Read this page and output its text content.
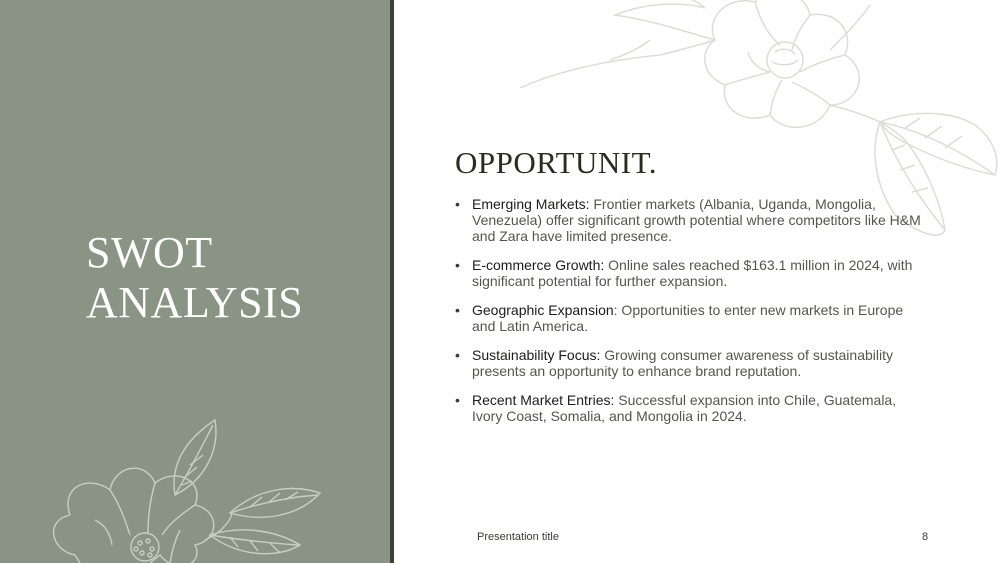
SWOT
ANALYSIS
OPPORTUNIT.
• Emerging Markets: Frontier markets (Albania, Uganda, Mongolia, Venezuela) offer significant growth potential where competitors like H&M and Zara have limited presence.
• E-commerce Growth: Online sales reached $163.1 million in 2024, with significant potential for further expansion.
• Geographic Expansion: Opportunities to enter new markets in Europe and Latin America.
• Sustainability Focus: Growing consumer awareness of sustainability presents an opportunity to enhance brand reputation.
• Recent Market Entries: Successful expansion into Chile, Guatemala, Ivory Coast, Somalia, and Mongolia in 2024.
Presentation title	8
